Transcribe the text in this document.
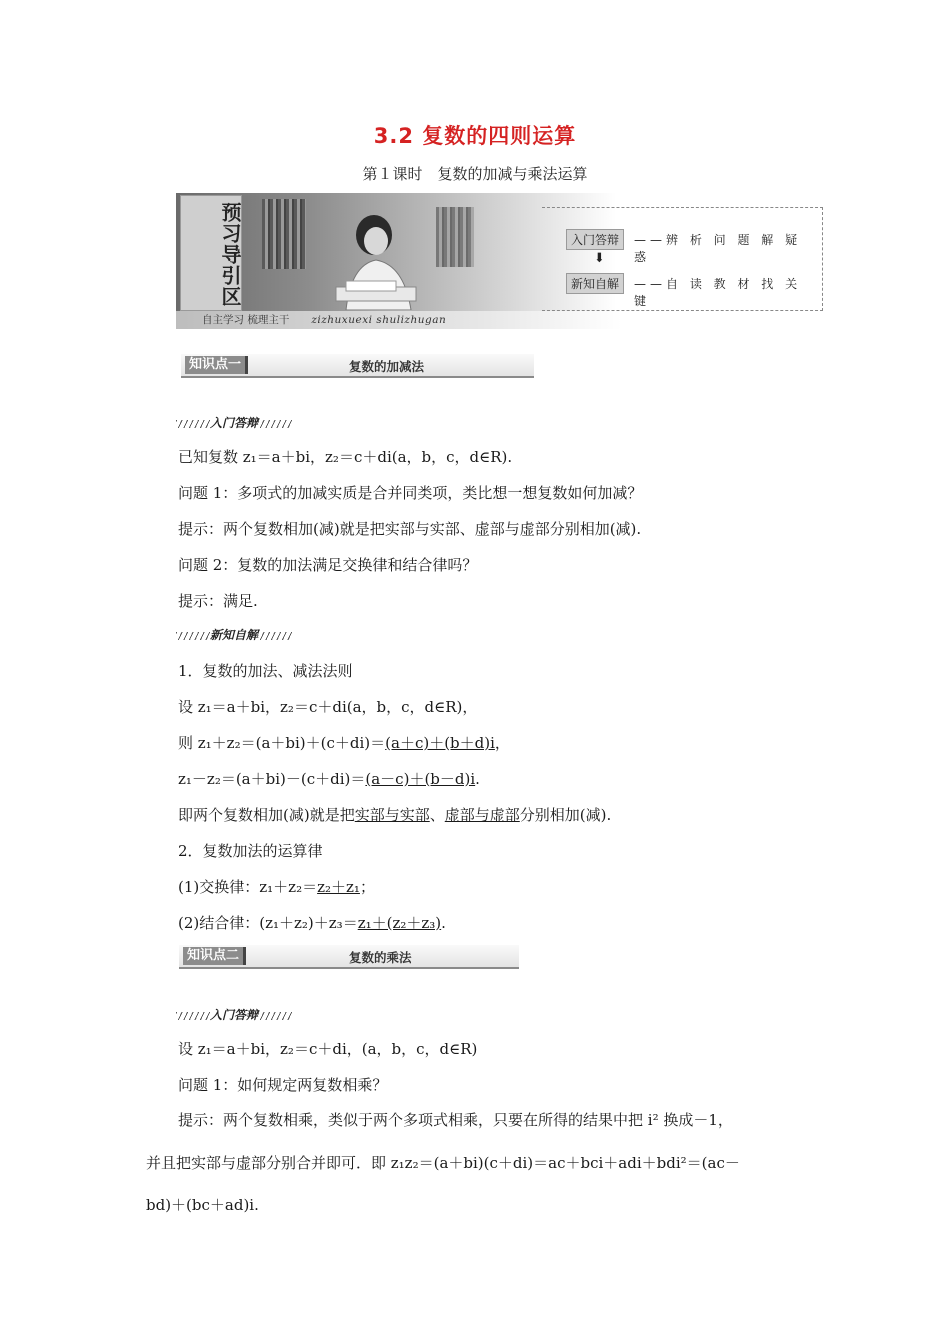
3.2 复数的四则运算
第１课时　复数的加减与乘法运算
预习导引区
自主学习 梳理主干 zizhuxuexi shulizhugan
入门答辩	——辨 析 问 题 解 疑 惑
⬇
新知自解	——自 读 教 材 找 关 键
知识点一	复数的加减法
入门答辩
已知复数 z₁＝a＋bi，z₂＝c＋di(a，b，c，d∈R).
问题 1：多项式的加减实质是合并同类项，类比想一想复数如何加减？
提示：两个复数相加(减)就是把实部与实部、虚部与虚部分别相加(减).
问题 2：复数的加法满足交换律和结合律吗？
提示：满足.
新知自解
1．复数的加法、减法法则
设 z₁＝a＋bi，z₂＝c＋di(a，b，c，d∈R)，
则 z₁＋z₂＝(a＋bi)＋(c＋di)＝(a＋c)＋(b＋d)i，
z₁－z₂＝(a＋bi)－(c＋di)＝(a－c)＋(b－d)i.
即两个复数相加(减)就是把实部与实部、虚部与虚部分别相加(减).
2．复数加法的运算律
(1)交换律：z₁＋z₂＝z₂＋z₁；
(2)结合律：(z₁＋z₂)＋z₃＝z₁＋(z₂＋z₃).
知识点二	复数的乘法
入门答辩
设 z₁＝a＋bi，z₂＝c＋di，(a，b，c，d∈R)
问题 1：如何规定两复数相乘？
提示：两个复数相乘，类似于两个多项式相乘，只要在所得的结果中把 i² 换成－1，
并且把实部与虚部分别合并即可．即 z₁z₂＝(a＋bi)(c＋di)＝ac＋bci＋adi＋bdi²＝(ac－
bd)＋(bc＋ad)i.
